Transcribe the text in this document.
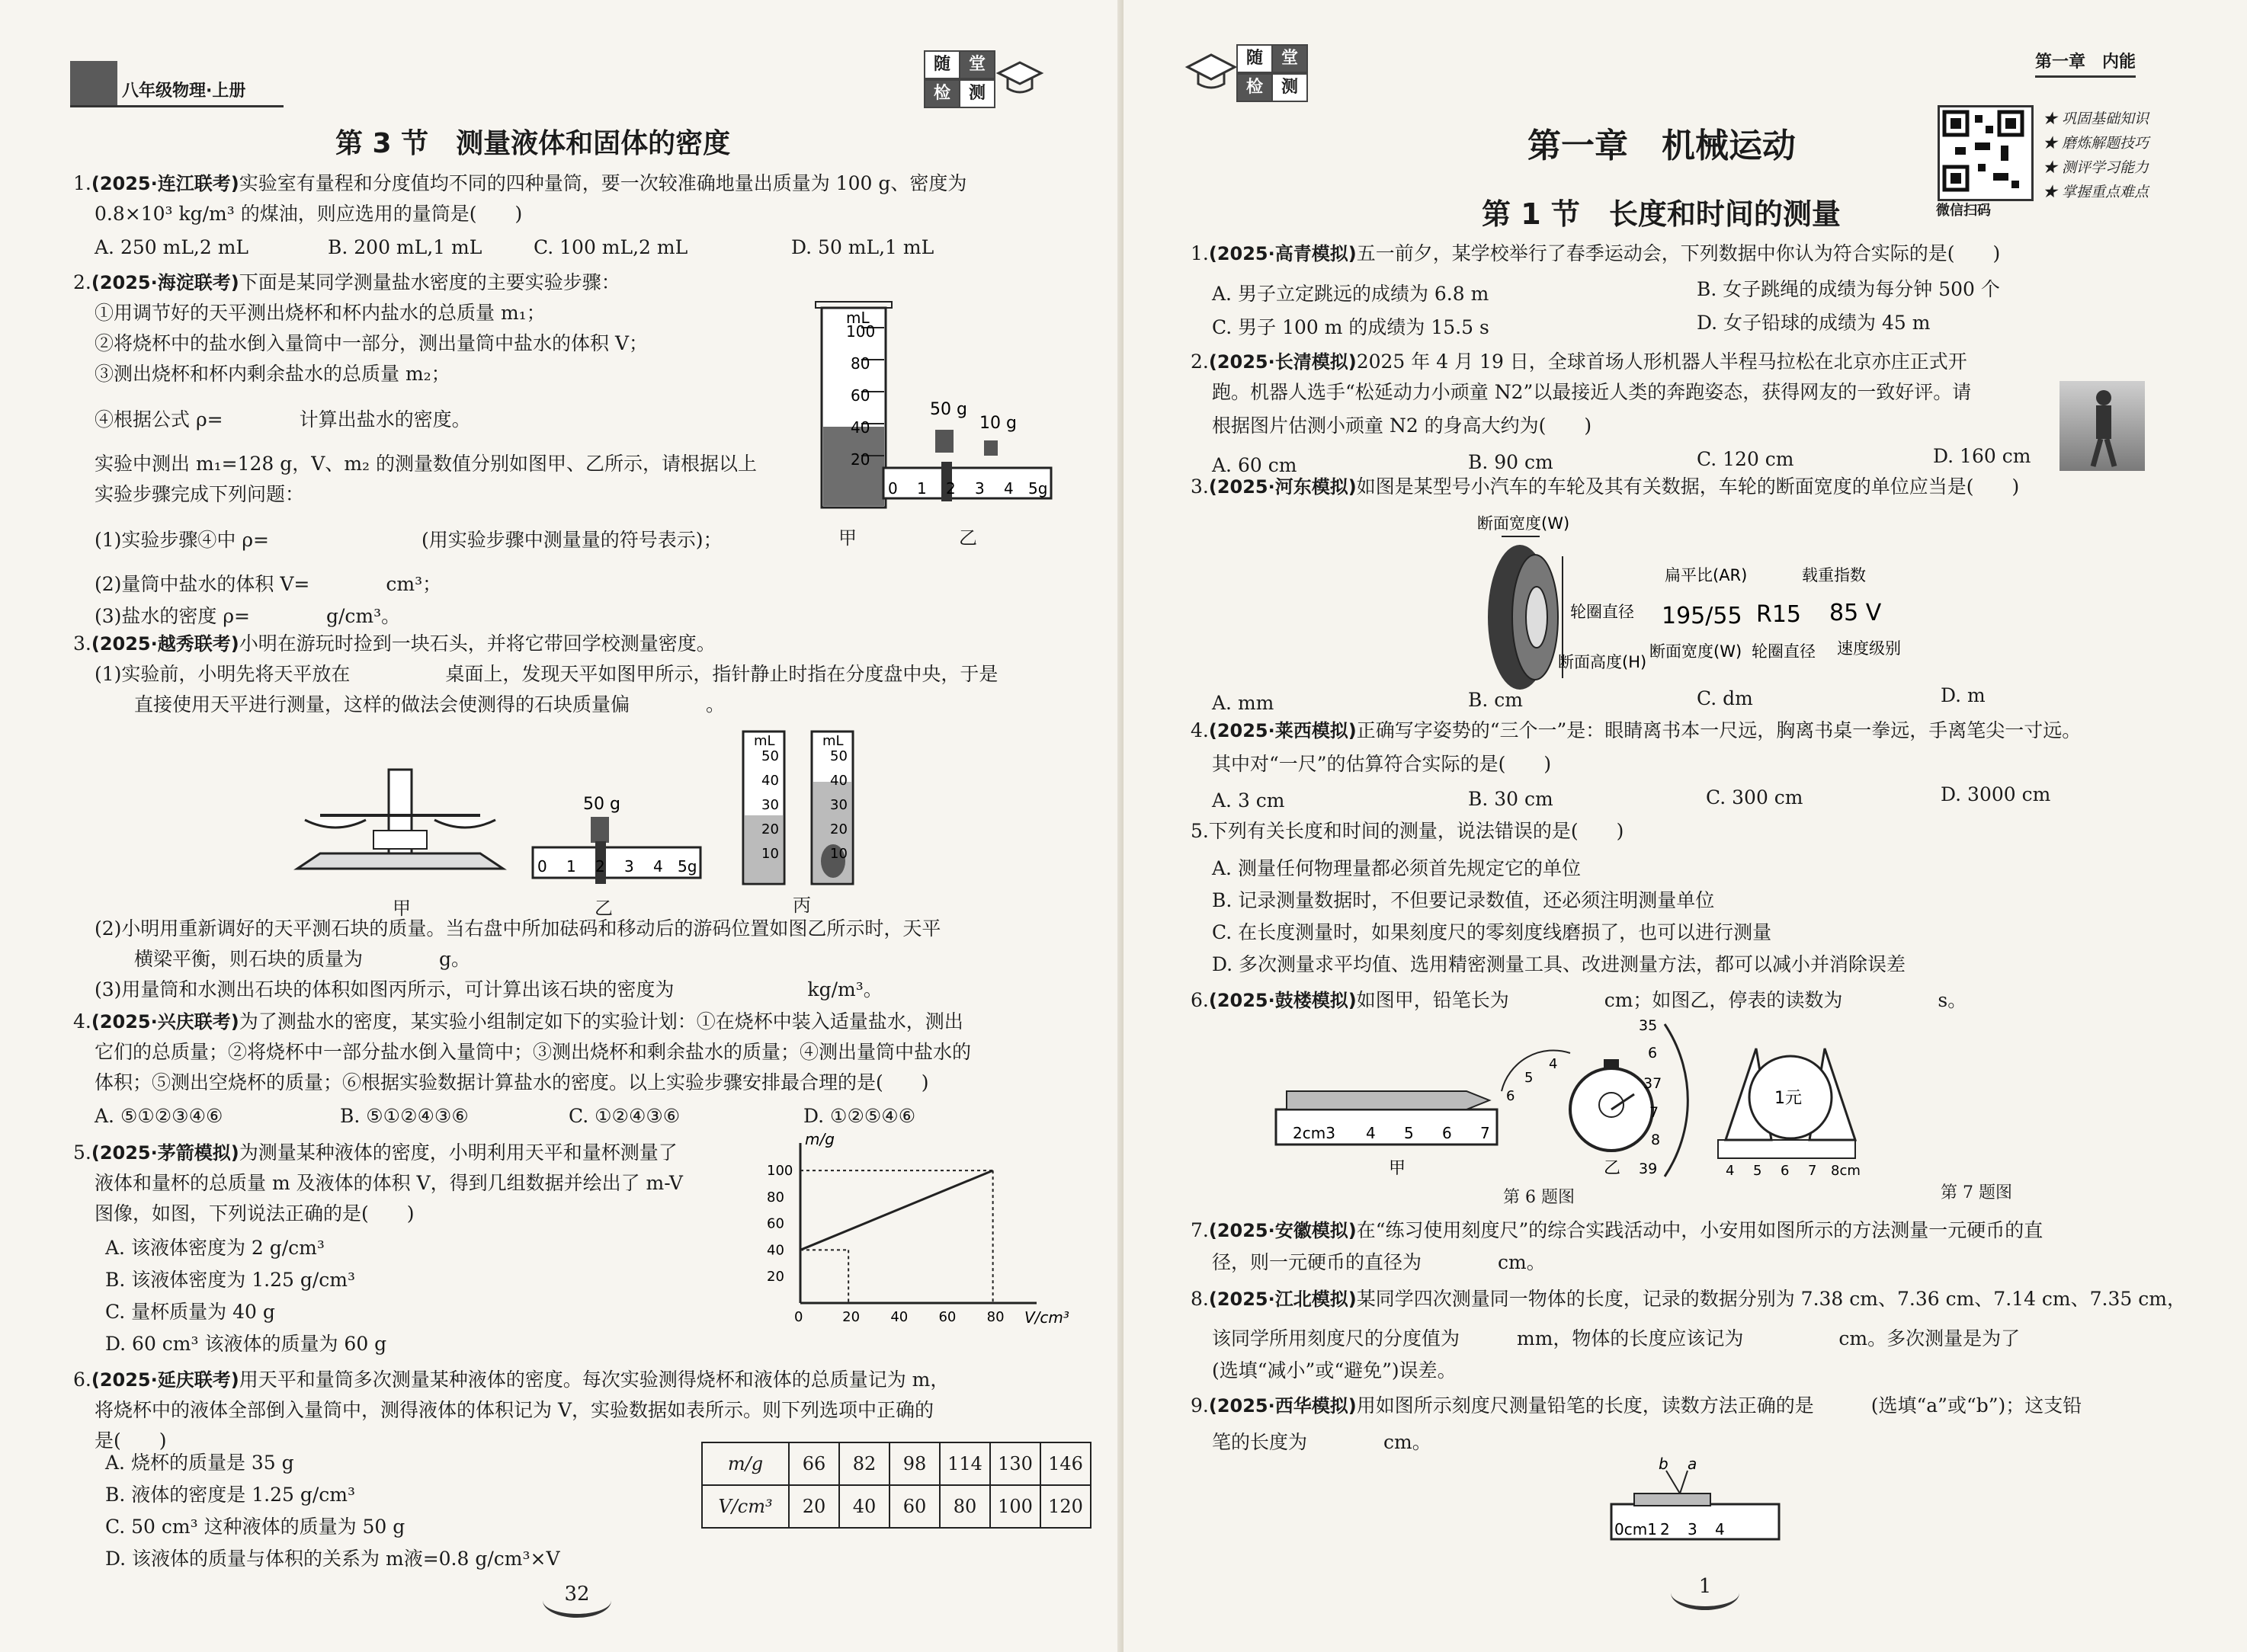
八年级物理·上册
随	堂
检	测
第 3 节　测量液体和固体的密度
1.(2025·连江联考)实验室有量程和分度值均不同的四种量筒，要一次较准确地量出质量为 100 g、密度为
0.8×10³ kg/m³ 的煤油，则应选用的量筒是(　　)
A. 250 mL,2 mL	B. 200 mL,1 mL	C. 100 mL,2 mL	D. 50 mL,1 mL
2.(2025·海淀联考)下面是某同学测量盐水密度的主要实验步骤：
①用调节好的天平测出烧杯和杯内盐水的总质量 m₁；
②将烧杯中的盐水倒入量筒中一部分，测出量筒中盐水的体积 V；
③测出烧杯和杯内剩余盐水的总质量 m₂；
④根据公式 ρ=　　　　计算出盐水的密度。
实验中测出 m₁=128 g，V、m₂ 的测量数值分别如图甲、乙所示，请根据以上
实验步骤完成下列问题：
(1)实验步骤④中 ρ=　　　　　　　　(用实验步骤中测量量的符号表示)；
(2)量筒中盐水的体积 V=　　　　cm³；
(3)盐水的密度 ρ=　　　　g/cm³。
mL
100
80
60
40
20
甲
50 g
10 g
0 1 2 3 4 5g
乙
3.(2025·越秀联考)小明在游玩时捡到一块石头，并将它带回学校测量密度。
(1)实验前，小明先将天平放在　　　　　桌面上，发现天平如图甲所示，指针静止时指在分度盘中央，于是
直接使用天平进行测量，这样的做法会使测得的石块质量偏　　　　。
甲
50 g
0 1 2 3 4 5g
乙
mL
50
40
30
20
10
mL
50
40
30
20
10
丙
(2)小明用重新调好的天平测石块的质量。当右盘中所加砝码和移动后的游码位置如图乙所示时，天平
横梁平衡，则石块的质量为　　　　g。
(3)用量筒和水测出石块的体积如图丙所示，可计算出该石块的密度为　　　　　　　kg/m³。
4.(2025·兴庆联考)为了测盐水的密度，某实验小组制定如下的实验计划：①在烧杯中装入适量盐水，测出
它们的总质量；②将烧杯中一部分盐水倒入量筒中；③测出烧杯和剩余盐水的质量；④测出量筒中盐水的
体积；⑤测出空烧杯的质量；⑥根据实验数据计算盐水的密度。以上实验步骤安排最合理的是(　　)
A. ⑤①②③④⑥	B. ⑤①②④③⑥	C. ①②④③⑥	D. ①②⑤④⑥
5.(2025·茅箭模拟)为测量某种液体的密度，小明利用天平和量杯测量了
液体和量杯的总质量 m 及液体的体积 V，得到几组数据并绘出了 m-V
图像，如图，下列说法正确的是(　　)
A. 该液体密度为 2 g/cm³
B. 该液体密度为 1.25 g/cm³
C. 量杯质量为 40 g
D. 60 cm³ 该液体的质量为 60 g
m/g
V/cm³
0	20 40 60 80
20
40
60
80
100
6.(2025·延庆联考)用天平和量筒多次测量某种液体的密度。每次实验测得烧杯和液体的总质量记为 m，
将烧杯中的液体全部倒入量筒中，测得液体的体积记为 V，实验数据如表所示。则下列选项中正确的
是(　　)
A. 烧杯的质量是 35 g
B. 液体的密度是 1.25 g/cm³
C. 50 cm³ 这种液体的质量为 50 g
D. 该液体的质量与体积的关系为 m液=0.8 g/cm³×V
m/g	66	82	98	114	130	146
V/cm³	20	40	60	80	100	120
32
随	堂
检	测
第一章　内能
微信扫码
★ 巩固基础知识
★ 磨炼解题技巧
★ 测评学习能力
★ 掌握重点难点
第一章　机械运动
第 1 节　长度和时间的测量
1.(2025·高青模拟)五一前夕，某学校举行了春季运动会，下列数据中你认为符合实际的是(　　)
A. 男子立定跳远的成绩为 6.8 m	B. 女子跳绳的成绩为每分钟 500 个
C. 男子 100 m 的成绩为 15.5 s	D. 女子铅球的成绩为 45 m
2.(2025·长清模拟)2025 年 4 月 19 日，全球首场人形机器人半程马拉松在北京亦庄正式开
跑。机器人选手“松延动力小顽童 N2”以最接近人类的奔跑姿态，获得网友的一致好评。请
根据图片估测小顽童 N2 的身高大约为(　　)
A. 60 cm	B. 90 cm	C. 120 cm	D. 160 cm
3.(2025·河东模拟)如图是某型号小汽车的车轮及其有关数据，车轮的断面宽度的单位应当是(　　)
断面宽度(W)
轮圈直径
断面高度(H)
扁平比(AR)	载重指数
195/55 R15 85 V
断面宽度(W) 轮圈直径 速度级别
A. mm	B. cm	C. dm	D. m
4.(2025·莱西模拟)正确写字姿势的“三个一”是：眼睛离书本一尺远，胸离书桌一拳远，手离笔尖一寸远。
其中对“一尺”的估算符合实际的是(　　)
A. 3 cm	B. 30 cm	C. 300 cm	D. 3000 cm
5.下列有关长度和时间的测量，说法错误的是(　　)
A. 测量任何物理量都必须首先规定它的单位
B. 记录测量数据时，不但要记录数值，还必须注明测量单位
C. 在长度测量时，如果刻度尺的零刻度线磨损了，也可以进行测量
D. 多次测量求平均值、选用精密测量工具、改进测量方法，都可以减小并消除误差
6.(2025·鼓楼模拟)如图甲，铅笔长为　　　　　cm；如图乙，停表的读数为　　　　　s。
2cm3 4 5 6 7
甲
6
5
4
乙
35
6
37
7
8
39
1元
4 5 6 7 8cm
第 6 题图	第 7 题图
7.(2025·安徽模拟)在“练习使用刻度尺”的综合实践活动中，小安用如图所示的方法测量一元硬币的直
径，则一元硬币的直径为　　　　cm。
8.(2025·江北模拟)某同学四次测量同一物体的长度，记录的数据分别为 7.38 cm、7.36 cm、7.14 cm、7.35 cm，
该同学所用刻度尺的分度值为　　　mm，物体的长度应该记为　　　　　cm。多次测量是为了　　　　　
(选填“减小”或“避免”)误差。
9.(2025·西华模拟)用如图所示刻度尺测量铅笔的长度，读数方法正确的是　　　(选填“a”或“b”)；这支铅
笔的长度为　　　　cm。
b a
0cm1 2 3 4
1
